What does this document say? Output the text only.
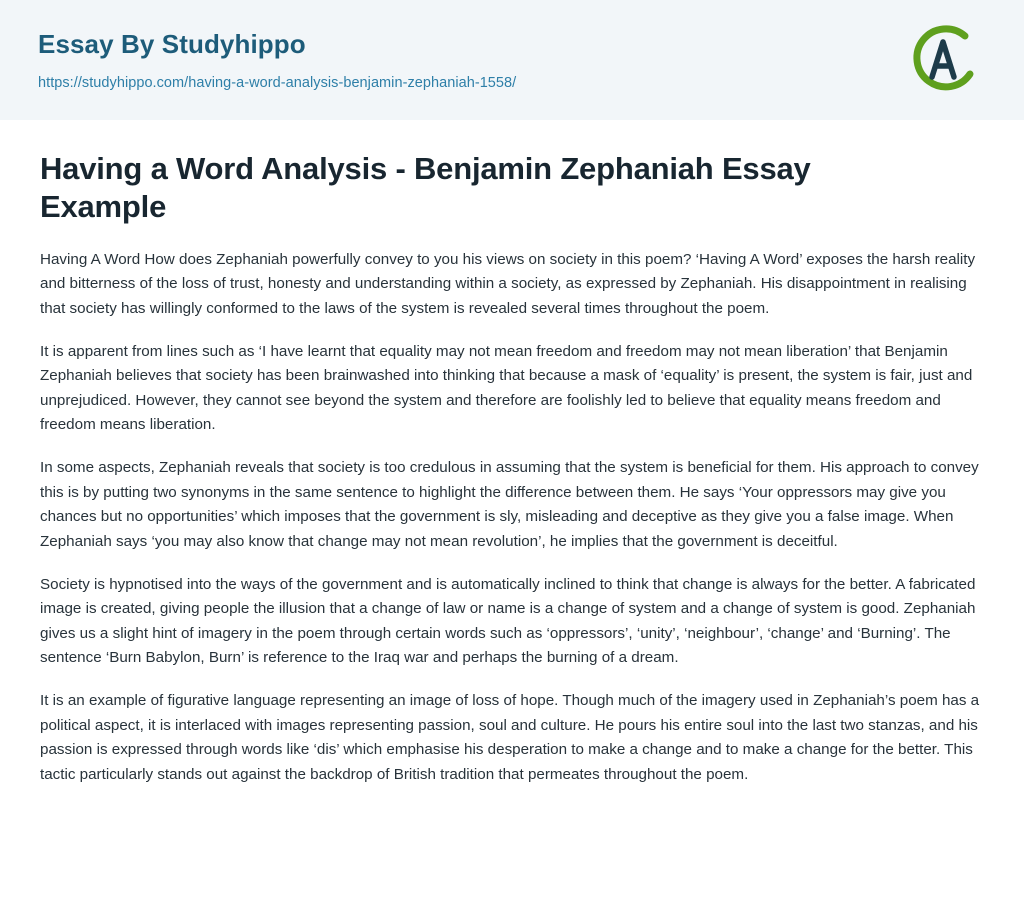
Essay By Studyhippo
https://studyhippo.com/having-a-word-analysis-benjamin-zephaniah-1558/
Having a Word Analysis - Benjamin Zephaniah Essay Example

Having A Word How does Zephaniah powerfully convey to you his views on society in this poem? ‘Having A Word’ exposes the harsh reality and bitterness of the loss of trust, honesty and understanding within a society, as expressed by Zephaniah. His disappointment in realising that society has willingly conformed to the laws of the system is revealed several times throughout the poem.

It is apparent from lines such as ‘I have learnt that equality may not mean freedom and freedom may not mean liberation’ that Benjamin Zephaniah believes that society has been brainwashed into thinking that because a mask of ‘equality’ is present, the system is fair, just and unprejudiced. However, they cannot see beyond the system and therefore are foolishly led to believe that equality means freedom and freedom means liberation.

In some aspects, Zephaniah reveals that society is too credulous in assuming that the system is beneficial for them. His approach to convey this is by putting two synonyms in the same sentence to highlight the difference between them. He says ‘Your oppressors may give you chances but no opportunities’ which imposes that the government is sly, misleading and deceptive as they give you a false image. When Zephaniah says ‘you may also know that change may not mean revolution’, he implies that the government is deceitful.

Society is hypnotised into the ways of the government and is automatically inclined to think that change is always for the better. A fabricated image is created, giving people the illusion that a change of law or name is a change of system and a change of system is good. Zephaniah gives us a slight hint of imagery in the poem through certain words such as ‘oppressors’, ‘unity’, ‘neighbour’, ‘change’ and ‘Burning’. The sentence ‘Burn Babylon, Burn’ is reference to the Iraq war and perhaps the burning of a dream.

It is an example of figurative language representing an image of loss of hope. Though much of the imagery used in Zephaniah’s poem has a political aspect, it is interlaced with images representing passion, soul and culture. He pours his entire soul into the last two stanzas, and his passion is expressed through words like ‘dis’ which emphasise his desperation to make a change and to make a change for the better. This tactic particularly stands out against the backdrop of British tradition that permeates throughout the poem.
